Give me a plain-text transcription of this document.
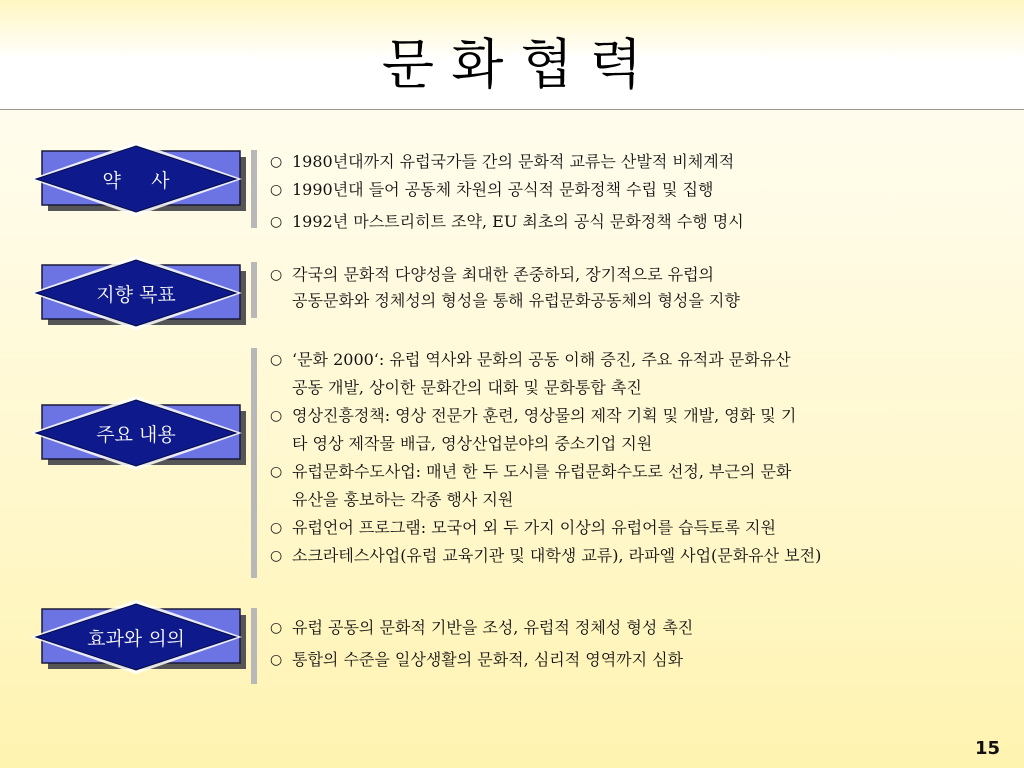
문 화 협 력
약     사
○ 1980년대까지 유럽국가들 간의 문화적 교류는 산발적 비체계적
○ 1990년대 들어 공동체 차원의 공식적 문화정책 수립 및 집행
○ 1992년 마스트리히트 조약, EU 최초의 공식 문화정책 수행 명시
지향 목표
○ 각국의 문화적 다양성을 최대한 존중하되, 장기적으로 유럽의
공동문화와 정체성의 형성을 통해 유럽문화공동체의 형성을 지향
주요 내용
○ ‘문화 2000‘: 유럽 역사와 문화의 공동 이해 증진, 주요 유적과 문화유산
공동 개발, 상이한 문화간의 대화 및 문화통합 촉진
○ 영상진흥정책: 영상 전문가 훈련, 영상물의 제작 기획 및 개발, 영화 및 기
타 영상 제작물 배급, 영상산업분야의 중소기업 지원
○ 유럽문화수도사업: 매년 한 두 도시를 유럽문화수도로 선정, 부근의 문화
유산을 홍보하는 각종 행사 지원
○ 유럽언어 프로그램: 모국어 외 두 가지 이상의 유럽어를 습득토록 지원
○ 소크라테스사업(유럽 교육기관 및 대학생 교류), 라파엘 사업(문화유산 보전)
효과와 의의	○ 유럽 공동의 문화적 기반을 조성, 유럽적 정체성 형성 촉진
○ 통합의 수준을 일상생활의 문화적, 심리적 영역까지 심화
15
